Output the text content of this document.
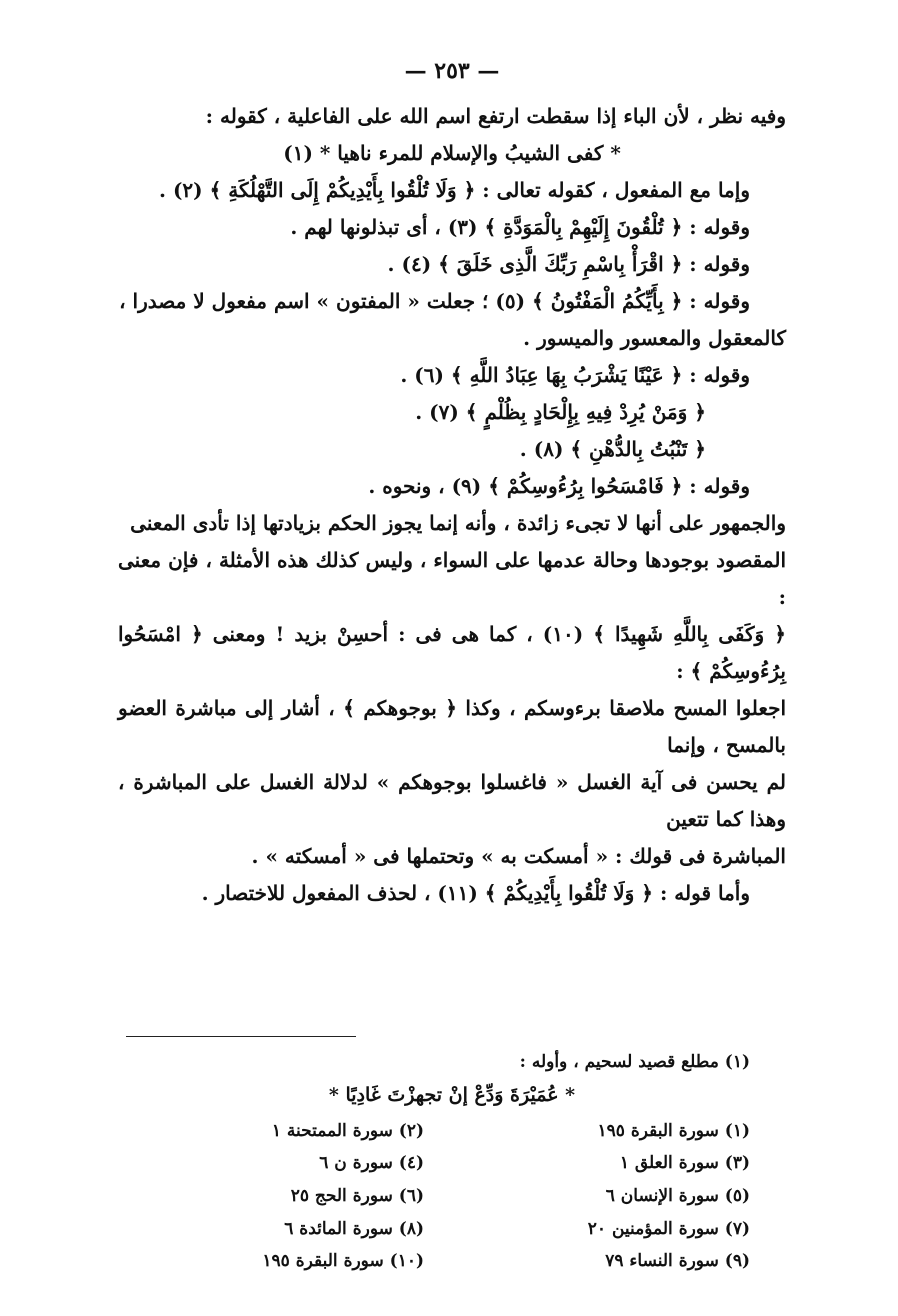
— ٢٥٣ —

وفيه نظر ، لأن الباء إذا سقطت ارتفع اسم الله على الفاعلية ، كقوله :

* كفى الشيبُ والإسلام للمرء ناهيا * (١)

وإما مع المفعول ، كقوله تعالى : ﴿ وَلَا تُلْقُوا بِأَيْدِيكُمْ إِلَى التَّهْلُكَةِ ﴾ (٢) .

وقوله : ﴿ تُلْقُونَ إِلَيْهِمْ بِالْمَوَدَّةِ ﴾ (٣) ، أى تبذلونها لهم .

وقوله : ﴿ اقْرَأْ بِاسْمِ رَبِّكَ الَّذِى خَلَقَ ﴾ (٤) .

وقوله : ﴿ بِأَيِّكُمُ الْمَفْتُونُ ﴾ (٥) ؛ جعلت « المفتون » اسم مفعول لا مصدرا ،

كالمعقول والمعسور والميسور .

وقوله : ﴿ عَيْنًا يَشْرَبُ بِهَا عِبَادُ اللَّهِ ﴾ (٦) .

﴿ وَمَنْ يُرِدْ فِيهِ بِإِلْحَادٍ بِظُلْمٍ ﴾ (٧) .

﴿ تَنْبُتُ بِالدُّهْنِ ﴾ (٨) .

وقوله : ﴿ فَامْسَحُوا بِرُءُوسِكُمْ ﴾ (٩) ، ونحوه .

والجمهور على أنها لا تجىء زائدة ، وأنه إنما يجوز الحكم بزيادتها إذا تأدى المعنى

المقصود بوجودها وحالة عدمها على السواء ، وليس كذلك هذه الأمثلة ، فإن معنى :

﴿ وَكَفَى بِاللَّهِ شَهِيدًا ﴾ (١٠) ، كما هى فى : أحسِنْ بزيد ! ومعنى ﴿ امْسَحُوا بِرُءُوسِكُمْ ﴾ :

اجعلوا المسح ملاصقا برءوسكم ، وكذا ﴿ بوجوهكم ﴾ ، أشار إلى مباشرة العضو بالمسح ، وإنما

لم يحسن فى آية الغسل « فاغسلوا بوجوهكم » لدلالة الغسل على المباشرة ، وهذا كما تتعين

المباشرة فى قولك : « أمسكت به » وتحتملها فى « أمسكته » .

وأما قوله : ﴿ وَلَا تُلْقُوا بِأَيْدِيكُمْ ﴾ (١١) ، لحذف المفعول للاختصار .

(١) مطلع قصيد لسحيم ، وأوله :
* عُمَيْرَةَ وَدِّعْ إنْ تجهزْتَ غَادِيًا *
(١) سورة البقرة ١٩٥
(٢) سورة الممتحنة ١
(٣) سورة العلق ١
(٤) سورة ن ٦
(٥) سورة الإنسان ٦
(٦) سورة الحج ٢٥
(٧) سورة المؤمنين ٢٠
(٨) سورة المائدة ٦
(٩) سورة النساء ٧٩
(١٠) سورة البقرة ١٩٥
